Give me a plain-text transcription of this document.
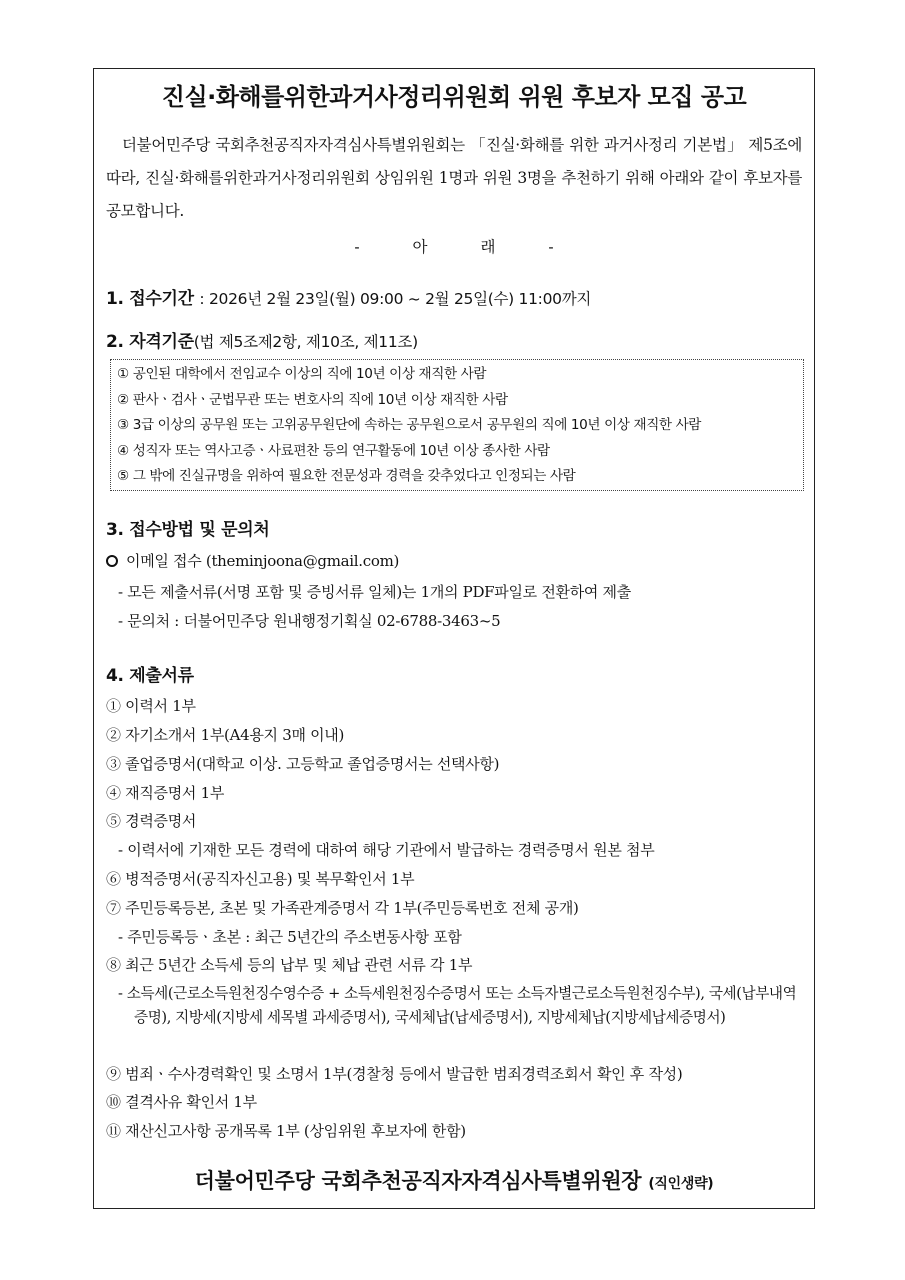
진실·화해를위한과거사정리위원회 위원 후보자 모집 공고
더불어민주당 국회추천공직자자격심사특별위원회는 「진실·화해를 위한 과거사정리 기본법」 제5조에 따라, 진실·화해를위한과거사정리위원회 상임위원 1명과 위원 3명을 추천하기 위해 아래와 같이 후보자를 공모합니다.
- 아 래 -
1. 접수기간 : 2026년 2월 23일(월) 09:00 ~ 2월 25일(수) 11:00까지
2. 자격기준(법 제5조제2항, 제10조, 제11조)
① 공인된 대학에서 전임교수 이상의 직에 10년 이상 재직한 사람
② 판사ㆍ검사ㆍ군법무관 또는 변호사의 직에 10년 이상 재직한 사람
③ 3급 이상의 공무원 또는 고위공무원단에 속하는 공무원으로서 공무원의 직에 10년 이상 재직한 사람
④ 성직자 또는 역사고증ㆍ사료편찬 등의 연구활동에 10년 이상 종사한 사람
⑤ 그 밖에 진실규명을 위하여 필요한 전문성과 경력을 갖추었다고 인정되는 사람
3. 접수방법 및 문의처
이메일 접수 (theminjoona@gmail.com)
- 모든 제출서류(서명 포함 및 증빙서류 일체)는 1개의 PDF파일로 전환하여 제출
- 문의처 : 더불어민주당 원내행정기획실 02-6788-3463~5
4. 제출서류
① 이력서 1부
② 자기소개서 1부(A4용지 3매 이내)
③ 졸업증명서(대학교 이상. 고등학교 졸업증명서는 선택사항)
④ 재직증명서 1부
⑤ 경력증명서
- 이력서에 기재한 모든 경력에 대하여 해당 기관에서 발급하는 경력증명서 원본 첨부
⑥ 병적증명서(공직자신고용) 및 복무확인서 1부
⑦ 주민등록등본, 초본 및 가족관계증명서 각 1부(주민등록번호 전체 공개)
- 주민등록등ㆍ초본 : 최근 5년간의 주소변동사항 포함
⑧ 최근 5년간 소득세 등의 납부 및 체납 관련 서류 각 1부
- 소득세(근로소득원천징수영수증 + 소득세원천징수증명서 또는 소득자별근로소득원천징수부), 국세(납부내역증명), 지방세(지방세 세목별 과세증명서), 국세체납(납세증명서), 지방세체납(지방세납세증명서)
⑨ 범죄ㆍ수사경력확인 및 소명서 1부(경찰청 등에서 발급한 범죄경력조회서 확인 후 작성)
⑩ 결격사유 확인서 1부
⑪ 재산신고사항 공개목록 1부 (상임위원 후보자에 한함)
더불어민주당 국회추천공직자자격심사특별위원장 (직인생략)
